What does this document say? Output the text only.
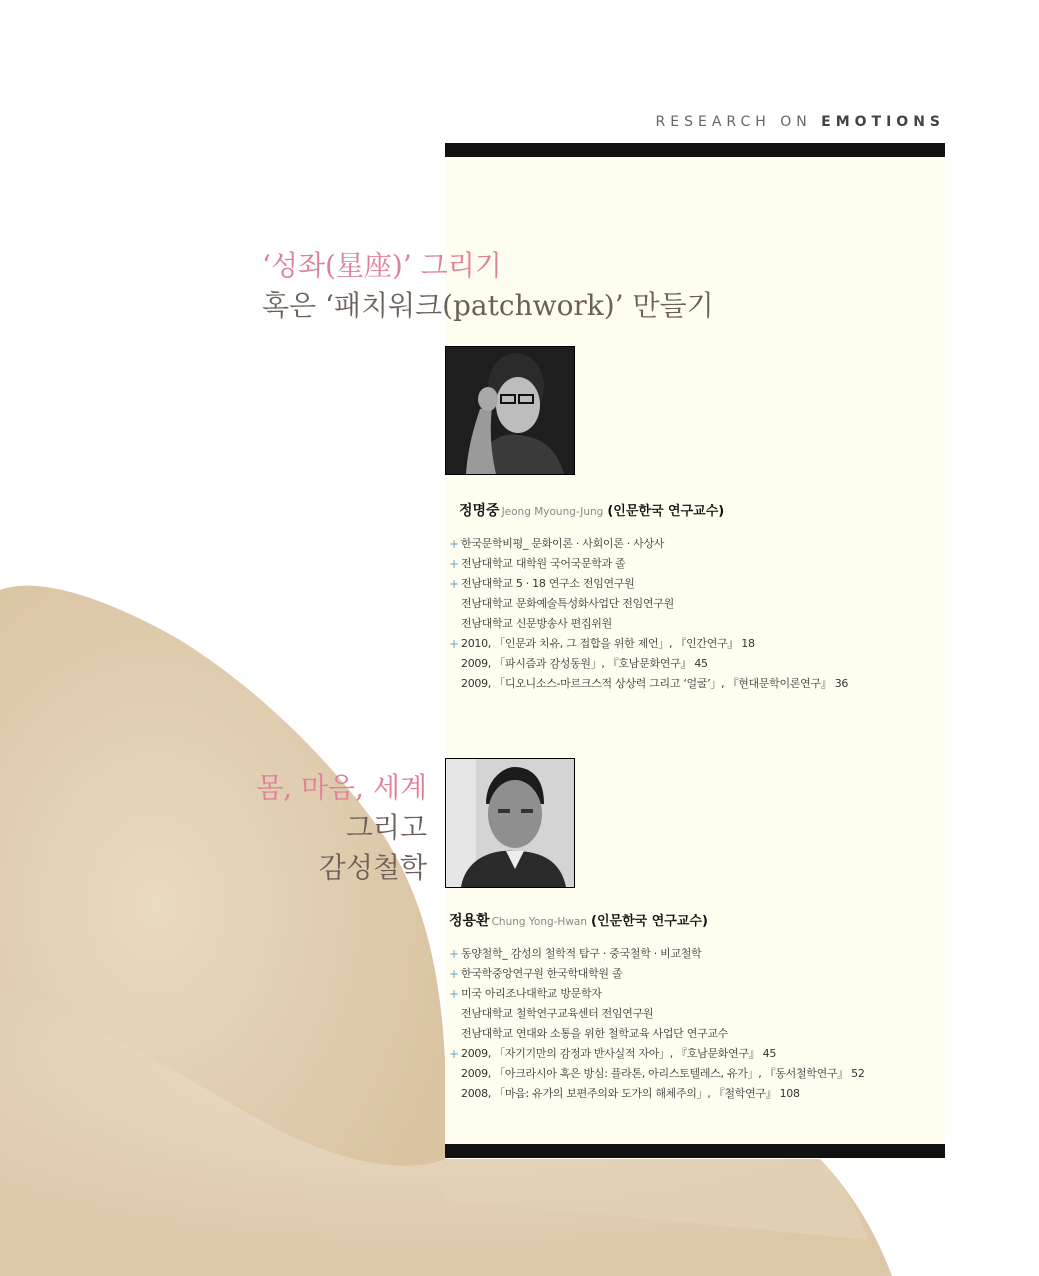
RESEARCH ON EMOTIONS
‘성좌(星座)’ 그리기
혹은 ‘패치워크(patchwork)’ 만들기
정명중 Jeong Myoung-Jung (인문한국 연구교수)
+ 한국문학비평_ 문화이론 · 사회이론 · 사상사
+ 전남대학교 대학원 국어국문학과 졸
+ 전남대학교 5 · 18 연구소 전임연구원
전남대학교 문화예술특성화사업단 전임연구원
전남대학교 신문방송사 편집위원
+ 2010, 「인문과 치유, 그 접합을 위한 제언」, 『인간연구』 18
2009, 「파시즘과 감성동원」, 『호남문화연구』 45
2009, 「디오니소스-마르크스적 상상력 그리고 ‘얼굴’」, 『현대문학이론연구』 36
몸, 마음, 세계
그리고
감성철학
정용환 Chung Yong-Hwan (인문한국 연구교수)
+ 동양철학_ 감성의 철학적 탐구 · 중국철학 · 비교철학
+ 한국학중앙연구원 한국학대학원 졸
+ 미국 아리조나대학교 방문학자
전남대학교 철학연구교육센터 전임연구원
전남대학교 연대와 소통을 위한 철학교육 사업단 연구교수
+ 2009, 「자기기만의 감정과 반사실적 자아」, 『호남문화연구』 45
2009, 「아크라시아 혹은 방심: 플라톤, 아리스토텔레스, 유가」, 『동서철학연구』 52
2008, 「마음: 유가의 보편주의와 도가의 해체주의」, 『철학연구』 108
